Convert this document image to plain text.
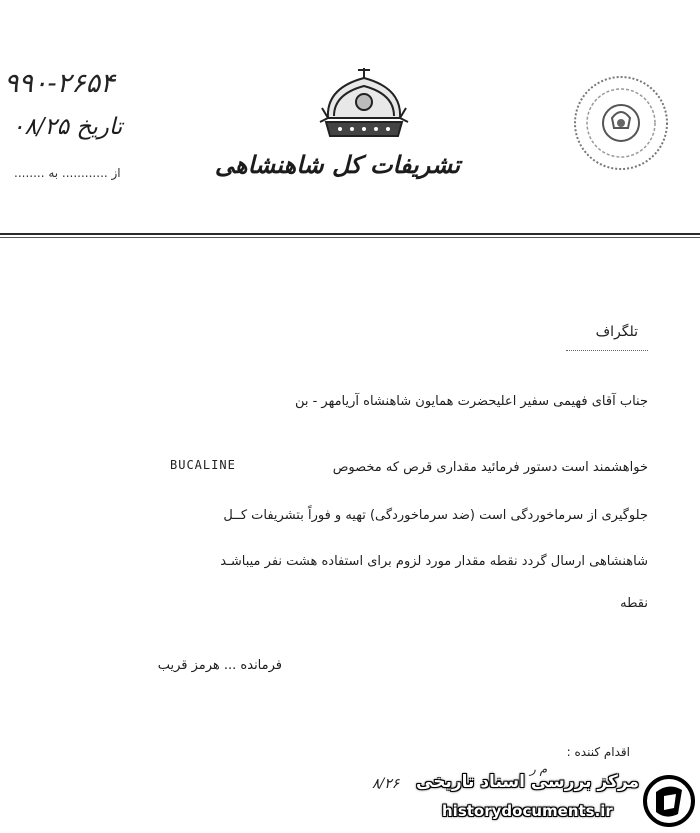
۹۹۰-۲۶۵۴
تاریخ ۰۸/۲۵
از ............ به ........	تشریفات کل شاهنشاهی
تلگراف
جناب آقای فهیمی سفیر اعلیحضرت همایون شاهنشاه آریامهر - بن
خواهشمند است دستور فرمائید مقداری قرص که مخصوص
BUCALINE
جلوگیری از سرماخوردگی است (ضد سرماخوردگی) تهیه و فوراً بتشریفات کــل
شاهنشاهی ارسال گردد نقطه مقدار مورد لزوم برای استفاده هشت نفر میباشـد
نقطه
فرمانده ... هرمز قریب
اقدام کننده :
م ر
۸/۲۶ مرکز بررسی اسناد تاریخی
historydocuments.ir
